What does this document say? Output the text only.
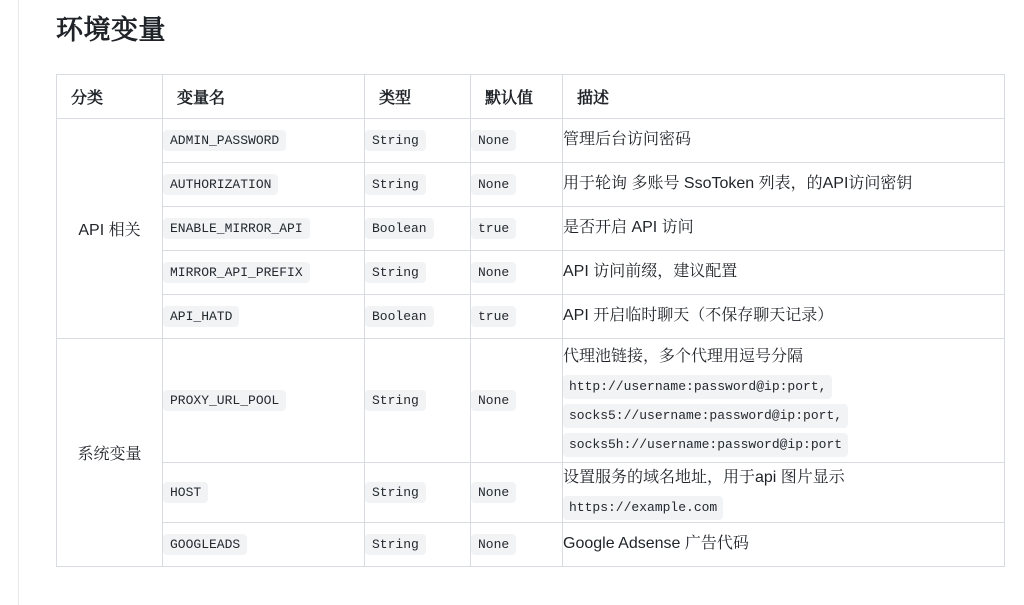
环境变量
分类	变量名	类型	默认值	描述
API 相关	ADMIN_PASSWORD	String	None	管理后台访问密码

	AUTHORIZATION	String	None	用于轮询 多账号 SsoToken 列表，的API访问密钥

	ENABLE_MIRROR_API	Boolean	true	是否开启 API 访问

	MIRROR_API_PREFIX	String	None	API 访问前缀，建议配置

	API_HATD	Boolean	true	API 开启临时聊天（不保存聊天记录）

系统变量	PROXY_URL_POOL	String	None	代理池链接，多个代理用逗号分隔
http://username:password@ip:port,
socks5://username:password@ip:port,
socks5h://username:password@ip:port

	HOST	String	None	设置服务的域名地址，用于api 图片显示
https://example.com

	GOOGLEADS	String	None	Google Adsense 广告代码
